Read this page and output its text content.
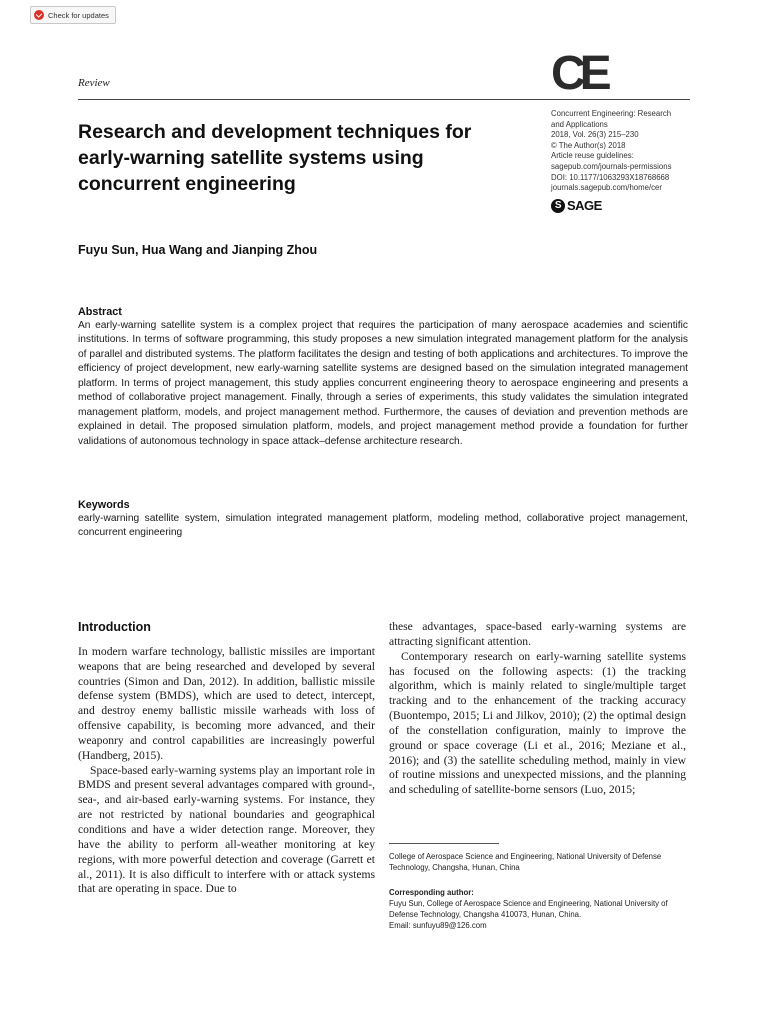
Check for updates
CE
Review
Research and development techniques for early-warning satellite systems using concurrent engineering
Concurrent Engineering: Research
and Applications
2018, Vol. 26(3) 215–230
© The Author(s) 2018
Article reuse guidelines:
sagepub.com/journals-permissions
DOI: 10.1177/1063293X18768668
journals.sagepub.com/home/cer
S SAGE
Fuyu Sun, Hua Wang and Jianping Zhou
Abstract

An early-warning satellite system is a complex project that requires the participation of many aerospace academies and scientific institutions. In terms of software programming, this study proposes a new simulation integrated management platform for the analysis of parallel and distributed systems. The platform facilitates the design and testing of both applications and architectures. To improve the efficiency of project development, new early-warning satellite systems are designed based on the simulation integrated management platform. In terms of project management, this study applies concurrent engineering theory to aerospace engineering and presents a method of collaborative project management. Finally, through a series of experiments, this study validates the simulation integrated management platform, models, and project management method. Furthermore, the causes of deviation and prevention methods are explained in detail. The proposed simulation platform, models, and project management method provide a foundation for further validations of autonomous technology in space attack–defense architecture research.

Keywords

early-warning satellite system, simulation integrated management platform, modeling method, collaborative project management, concurrent engineering

Introduction

In modern warfare technology, ballistic missiles are important weapons that are being researched and developed by several countries (Simon and Dan, 2012). In addition, ballistic missile defense system (BMDS), which are used to detect, intercept, and destroy enemy ballistic missile warheads with loss of offensive capability, is becoming more advanced, and their weaponry and control capabilities are increasingly powerful (Handberg, 2015).

Space-based early-warning systems play an important role in BMDS and present several advantages compared with ground-, sea-, and air-based early-warning systems. For instance, they are not restricted by national boundaries and geographical conditions and have a wider detection range. Moreover, they have the ability to perform all-weather monitoring at key regions, with more powerful detection and coverage (Garrett et al., 2011). It is also difficult to interfere with or attack systems that are operating in space. Due to

these advantages, space-based early-warning systems are attracting significant attention.

Contemporary research on early-warning satellite systems has focused on the following aspects: (1) the tracking algorithm, which is mainly related to single/multiple target tracking and to the enhancement of the tracking accuracy (Buontempo, 2015; Li and Jilkov, 2010); (2) the optimal design of the constellation configuration, mainly to improve the ground or space coverage (Li et al., 2016; Meziane et al., 2016); and (3) the satellite scheduling method, mainly in view of routine missions and unexpected missions, and the planning and scheduling of satellite-borne sensors (Luo, 2015;

College of Aerospace Science and Engineering, National University of Defense Technology, Changsha, Hunan, China
Corresponding author:
Fuyu Sun, College of Aerospace Science and Engineering, National University of Defense Technology, Changsha 410073, Hunan, China.
Email: sunfuyu89@126.com
